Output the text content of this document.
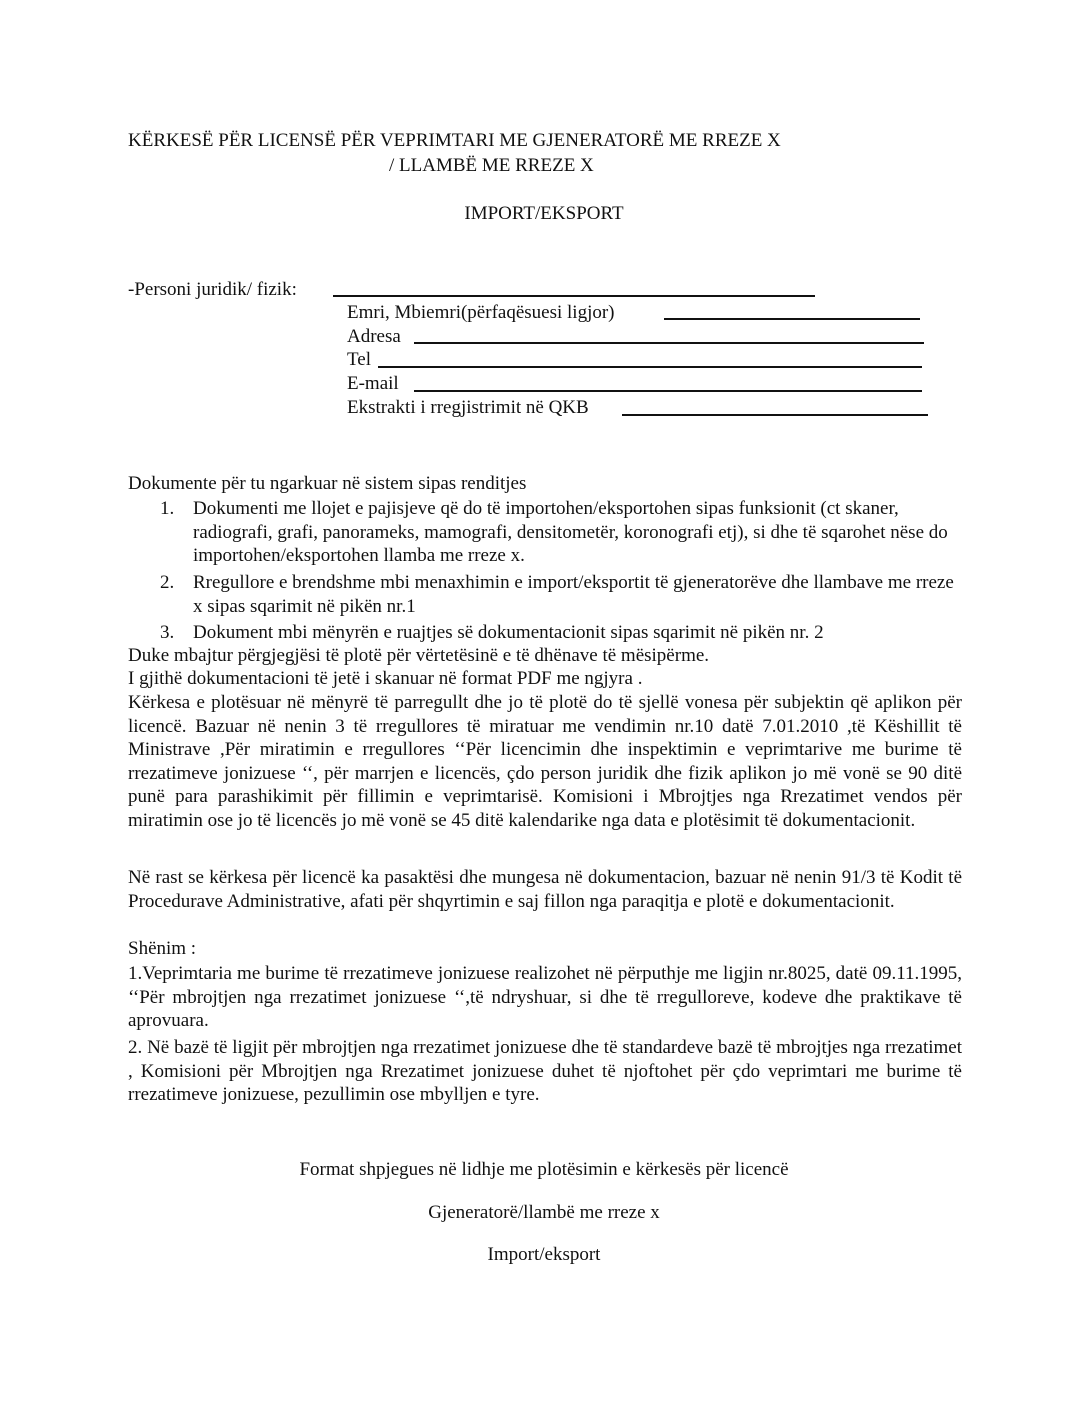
KËRKESË PËR LICENSË PËR VEPRIMTARI ME GJENERATORË ME RREZE X
/ LLAMBË ME RREZE X
IMPORT/EKSPORT
-Personi juridik/ fizik:
Emri, Mbiemri(përfaqësuesi ligjor)
Adresa
Tel
E-mail
Ekstrakti i rregjistrimit në QKB
Dokumente për tu ngarkuar në sistem sipas renditjes
1. Dokumenti me llojet e pajisjeve që do të importohen/eksportohen sipas funksionit (ct skaner, radiografi, grafi, panorameks, mamografi, densitometër, koronografi etj), si dhe të sqarohet nëse do importohen/eksportohen llamba me rreze x.

2. Rregullore e brendshme mbi menaxhimin e import/eksportit të gjeneratorëve dhe llambave me rreze x sipas sqarimit në pikën nr.1

3. Dokument mbi mënyrën e ruajtjes së dokumentacionit sipas sqarimit në pikën nr. 2

Duke mbajtur përgjegjësi të plotë për vërtetësinë e të dhënave të mësipërme.
I gjithë dokumentacioni të jetë i skanuar në format PDF me ngjyra .

Kërkesa e plotësuar në mënyrë të parregullt dhe jo të plotë do të sjellë vonesa për subjektin që aplikon për licencë. Bazuar në nenin 3 të rregullores të miratuar me vendimin nr.10 datë 7.01.2010 ,të Këshillit të Ministrave ,Për miratimin e rregullores ‘‘Për licencimin dhe inspektimin e veprimtarive me burime të rrezatimeve jonizuese ‘‘, për marrjen e licencës, çdo person juridik dhe fizik aplikon jo më vonë se 90 ditë punë para parashikimit për fillimin e veprimtarisë. Komisioni i Mbrojtjes nga Rrezatimet vendos për miratimin ose jo të licencës jo më vonë se 45 ditë kalendarike nga data e plotësimit të dokumentacionit.

Në rast se kërkesa për licencë ka pasaktësi dhe mungesa në dokumentacion, bazuar në nenin 91/3 të Kodit të Procedurave Administrative, afati për shqyrtimin e saj fillon nga paraqitja e plotë e dokumentacionit.

Shënim :

1.Veprimtaria me burime të rrezatimeve jonizuese realizohet në përputhje me ligjin nr.8025, datë 09.11.1995, ‘‘Për mbrojtjen nga rrezatimet jonizuese ‘‘,të ndryshuar, si dhe të rregulloreve, kodeve dhe praktikave të aprovuara.

2. Në bazë të ligjit për mbrojtjen nga rrezatimet jonizuese dhe të standardeve bazë të mbrojtjes nga rrezatimet , Komisioni për Mbrojtjen nga Rrezatimet jonizuese duhet të njoftohet për çdo veprimtari me burime të rrezatimeve jonizuese, pezullimin ose mbylljen e tyre.

Format shpjegues në lidhje me plotësimin e kërkesës për licencë
Gjeneratorë/llambë me rreze x
Import/eksport
